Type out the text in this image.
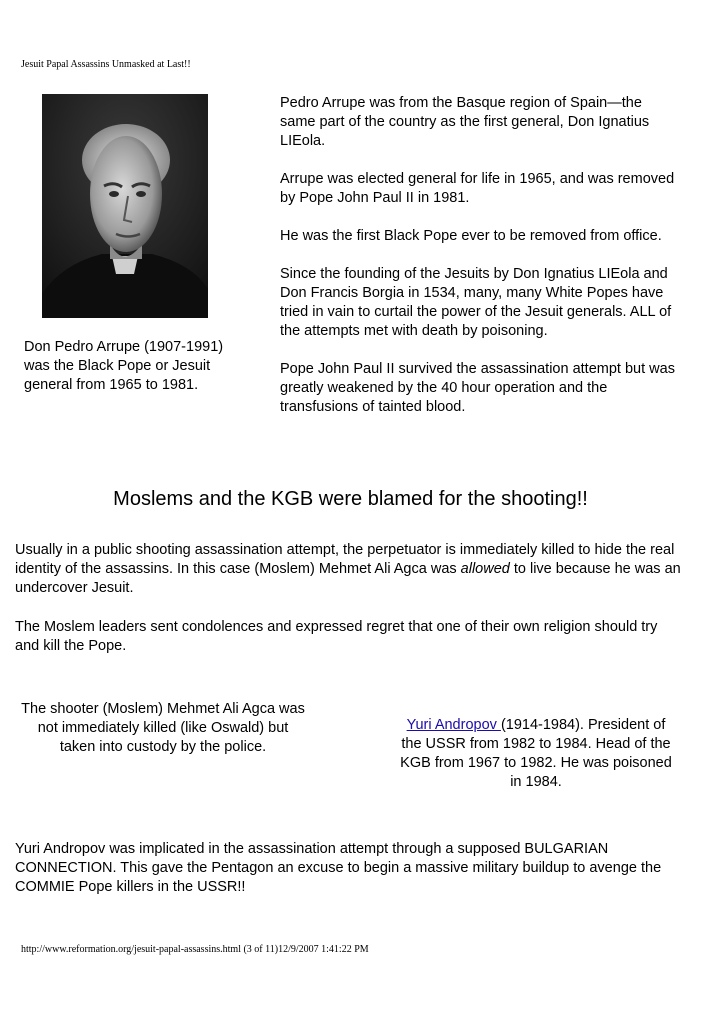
Jesuit Papal Assassins Unmasked at Last!!
Don Pedro Arrupe (1907-1991) was the Black Pope or Jesuit general from 1965 to 1981.

Pedro Arrupe was from the Basque region of Spain—the same part of the country as the first general, Don Ignatius LIEola.

Arrupe was elected general for life in 1965, and was removed by Pope John Paul II in 1981.

He was the first Black Pope ever to be removed from office.

Since the founding of the Jesuits by Don Ignatius LIEola and Don Francis Borgia in 1534, many, many White Popes have tried in vain to curtail the power of the Jesuit generals. ALL of the attempts met with death by poisoning.

Pope John Paul II survived the assassination attempt but was greatly weakened by the 40 hour operation and the transfusions of tainted blood.

Moslems and the KGB were blamed for the shooting!!

Usually in a public shooting assassination attempt, the perpetuator is immediately killed to hide the real identity of the assassins. In this case (Moslem) Mehmet Ali Agca was allowed to live because he was an undercover Jesuit.

The Moslem leaders sent condolences and expressed regret that one of their own religion should try and kill the Pope.

The shooter (Moslem) Mehmet Ali Agca was not immediately killed (like Oswald) but taken into custody by the police.
Yuri Andropov (1914-1984). President of the USSR from 1982 to 1984. Head of the KGB from 1967 to 1982. He was poisoned in 1984.

Yuri Andropov was implicated in the assassination attempt through a supposed BULGARIAN CONNECTION. This gave the Pentagon an excuse to begin a massive military buildup to avenge the COMMIE Pope killers in the USSR!!

http://www.reformation.org/jesuit-papal-assassins.html (3 of 11)12/9/2007 1:41:22 PM
